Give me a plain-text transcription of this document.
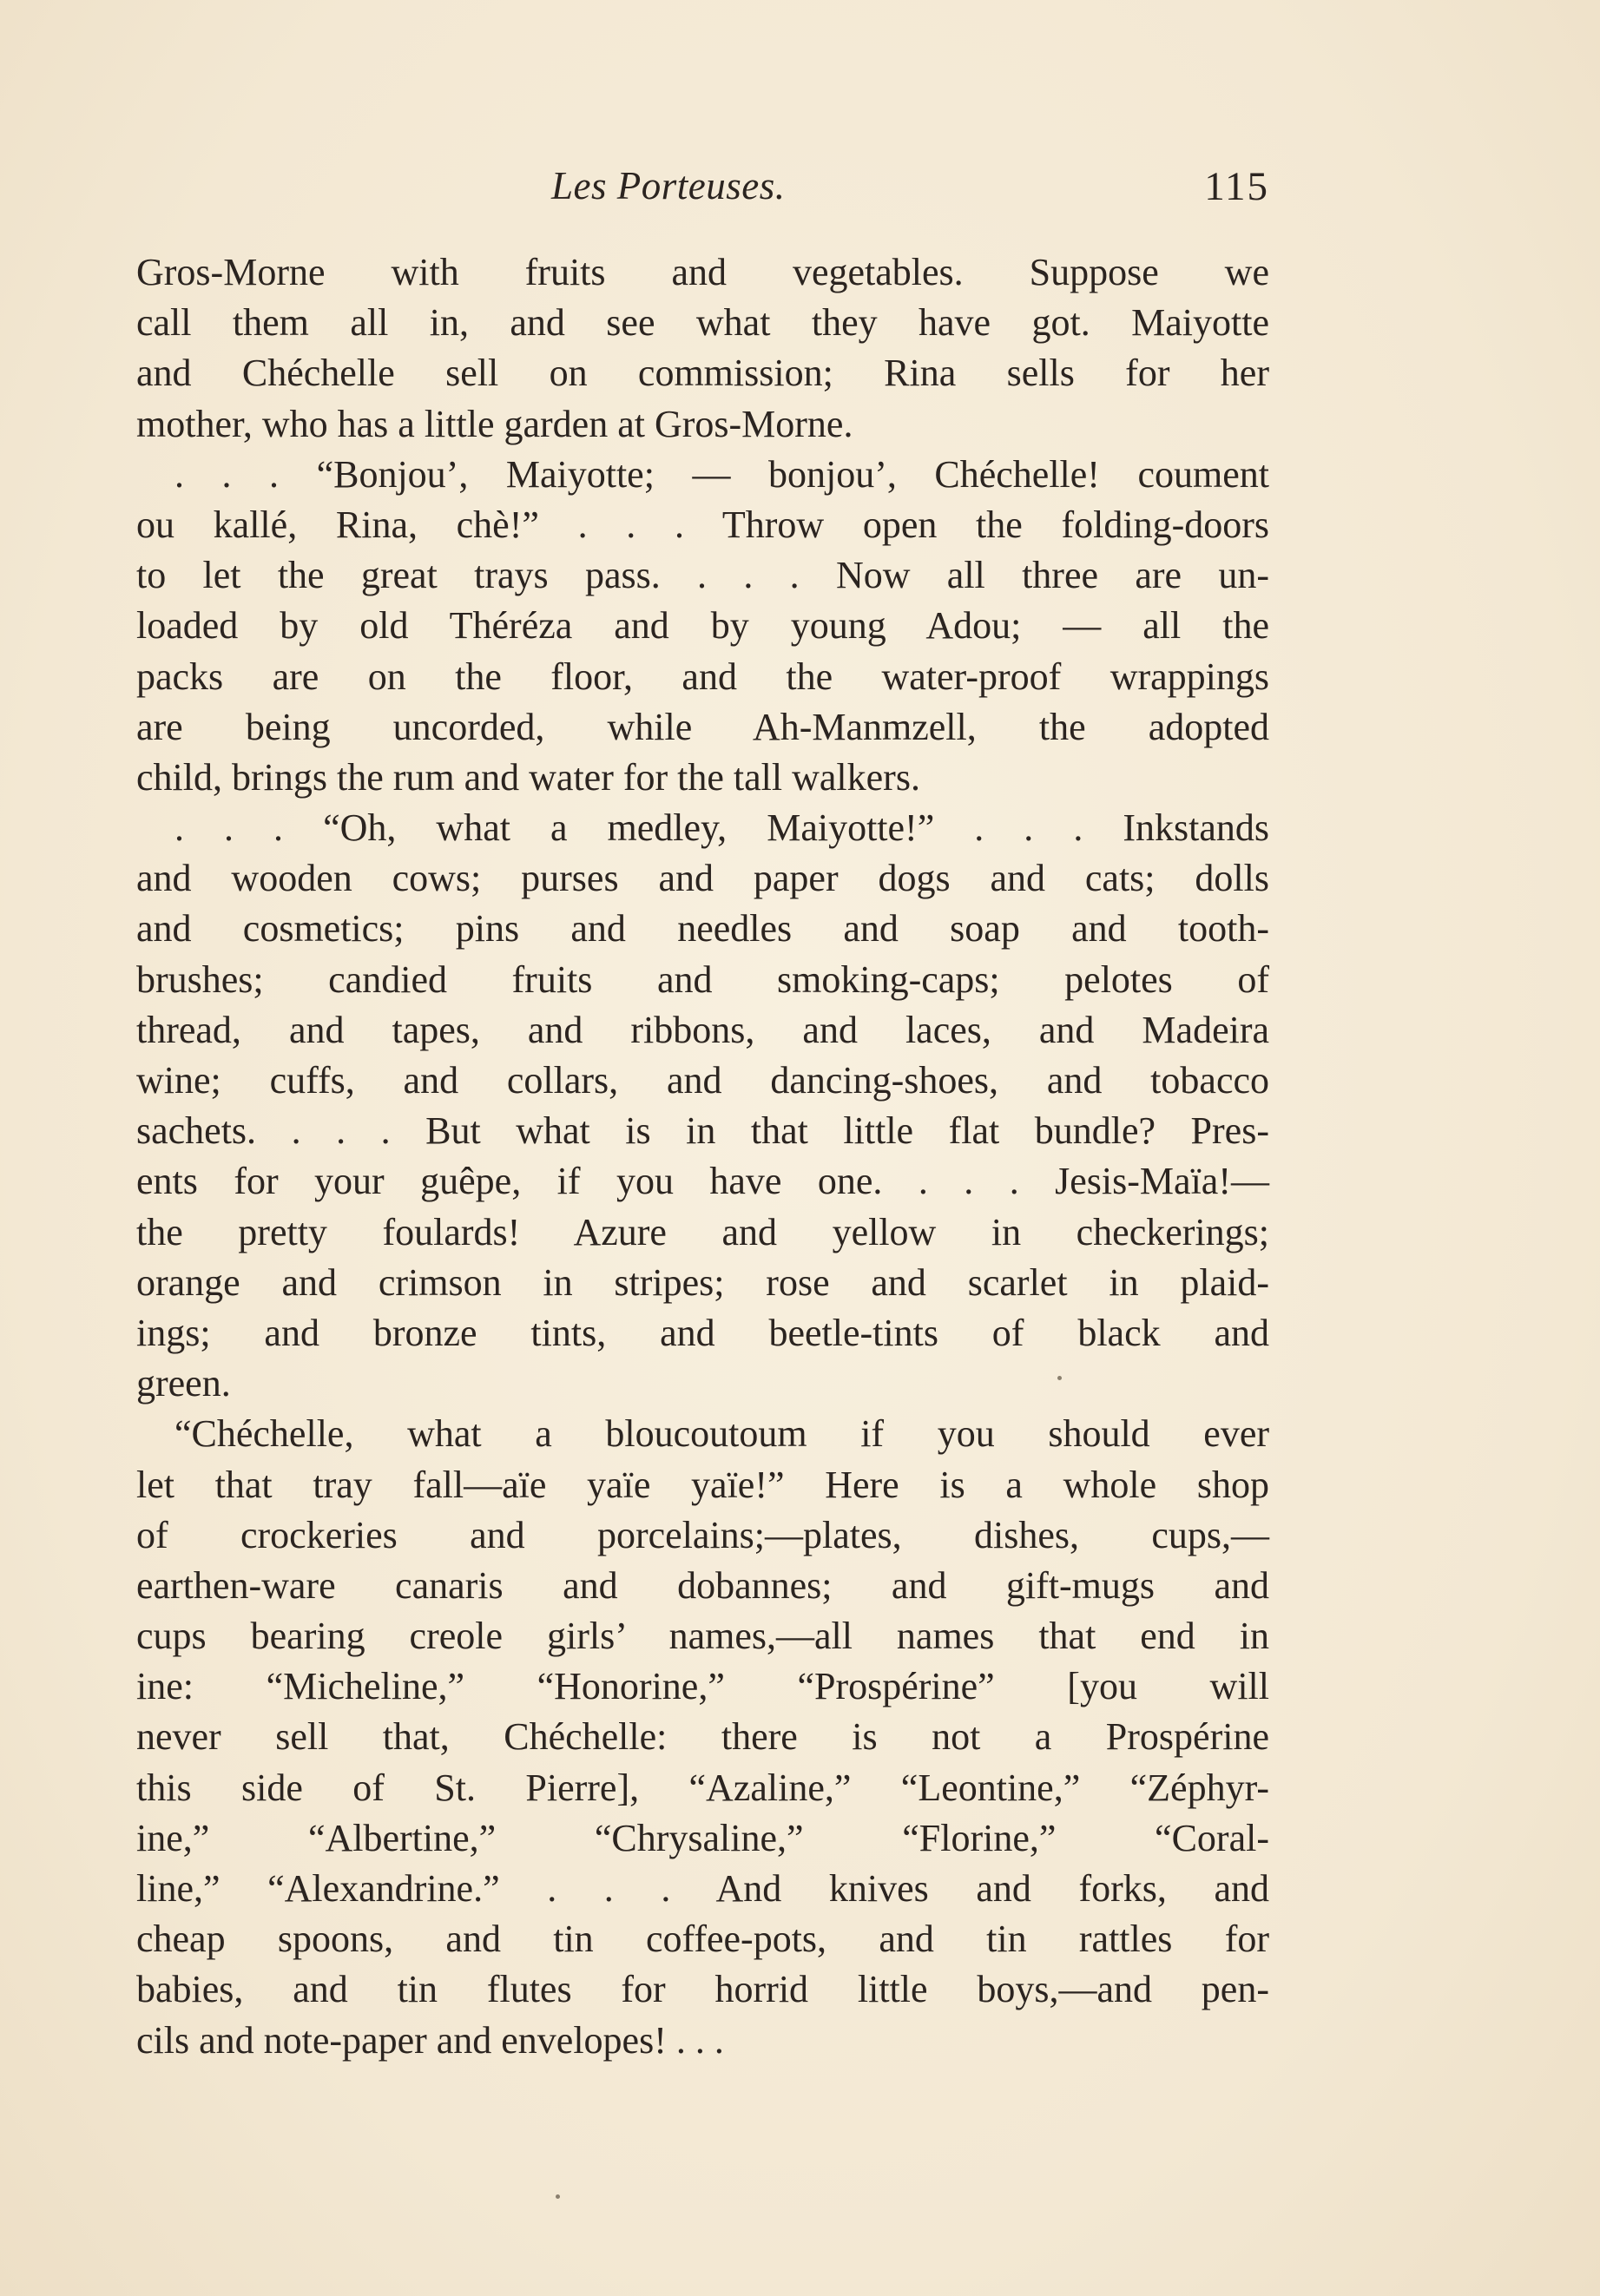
Les Porteuses.	115
Gros-Morne with fruits and vegetables. Suppose we
call them all in, and see what they have got. Maiyotte
and Chéchelle sell on commission; Rina sells for her
mother, who has a little garden at Gros-Morne.
. . . “Bonjou’, Maiyotte; — bonjou’, Chéchelle! coument
ou kallé, Rina, chè!” . . . Throw open the folding-doors
to let the great trays pass. . . . Now all three are un-
loaded by old Théréza and by young Adou; — all the
packs are on the floor, and the water-proof wrappings
are being uncorded, while Ah-Manmzell, the adopted
child, brings the rum and water for the tall walkers.
. . . “Oh, what a medley, Maiyotte!” . . . Inkstands
and wooden cows; purses and paper dogs and cats; dolls
and cosmetics; pins and needles and soap and tooth-
brushes; candied fruits and smoking-caps; pelotes of
thread, and tapes, and ribbons, and laces, and Madeira
wine; cuffs, and collars, and dancing-shoes, and tobacco
sachets. . . . But what is in that little flat bundle? Pres-
ents for your guêpe, if you have one. . . . Jesis-Maïa!—
the pretty foulards! Azure and yellow in checkerings;
orange and crimson in stripes; rose and scarlet in plaid-
ings; and bronze tints, and beetle-tints of black and
green.
“Chéchelle, what a bloucoutoum if you should ever
let that tray fall—aïe yaïe yaïe!” Here is a whole shop
of crockeries and porcelains;—plates, dishes, cups,—
earthen-ware canaris and dobannes; and gift-mugs and
cups bearing creole girls’ names,—all names that end in
ine: “Micheline,” “Honorine,” “Prospérine” [you will
never sell that, Chéchelle: there is not a Prospérine
this side of St. Pierre], “Azaline,” “Leontine,” “Zéphyr-
ine,” “Albertine,” “Chrysaline,” “Florine,” “Coral-
line,” “Alexandrine.” . . . And knives and forks, and
cheap spoons, and tin coffee-pots, and tin rattles for
babies, and tin flutes for horrid little boys,—and pen-
cils and note-paper and envelopes! . . .
